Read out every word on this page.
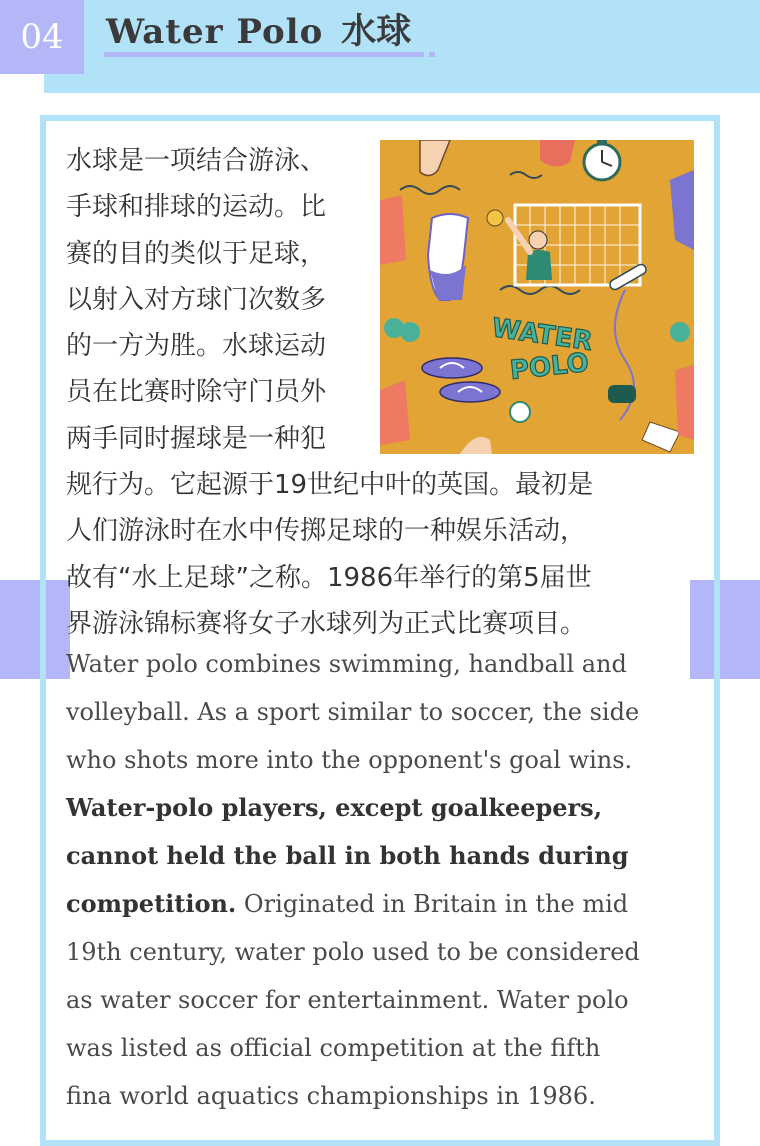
04	Water Polo 水球
水球是一项结合游泳、
手球和排球的运动。比
赛的目的类似于足球，
以射入对方球门次数多
的一方为胜。水球运动
员在比赛时除守门员外
两手同时握球是一种犯
规行为。它起源于19世纪中叶的英国。最初是
人们游泳时在水中传掷足球的一种娱乐活动，
故有“水上足球”之称。1986年举行的第5届世
界游泳锦标赛将女子水球列为正式比赛项目。
WATER
POLO
Water polo combines swimming, handball and
volleyball. As a sport similar to soccer, the side
who shots more into the opponent's goal wins.
Water-polo players, except goalkeepers,
cannot held the ball in both hands during
competition. Originated in Britain in the mid
19th century, water polo used to be considered
as water soccer for entertainment. Water polo
was listed as official competition at the fifth
fina world aquatics championships in 1986.
